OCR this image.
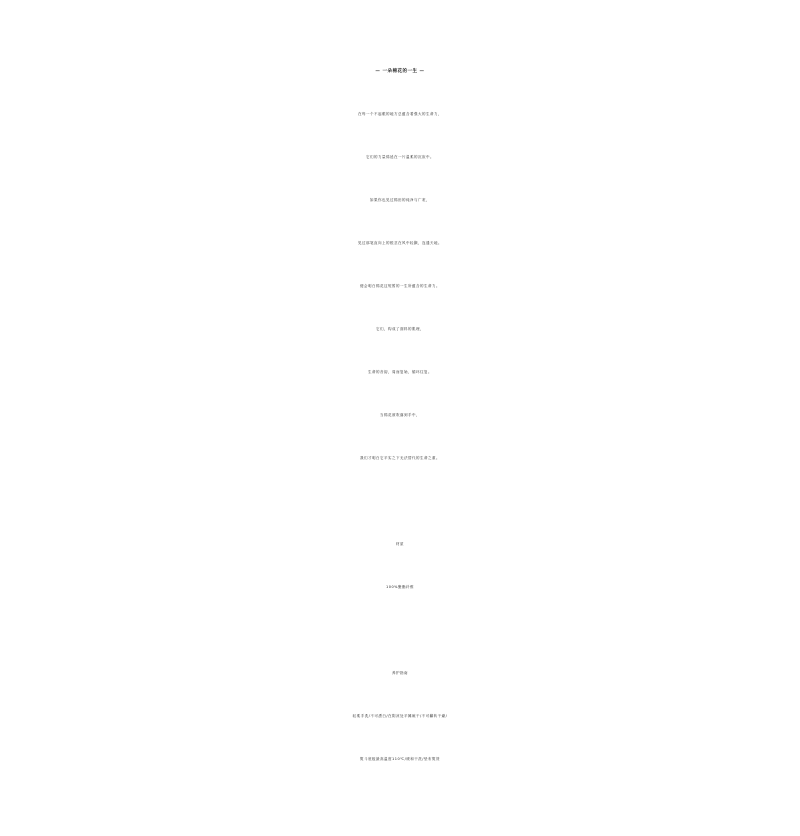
— 一朵棉花的一生 —
在每一个不起眼的地方总蕴含着强大的生命力，
它们的力量绵延在一片温柔的沉寂中。
如果你也见过棉田的纯净与广袤，
见过那笔直向上的根茎在风中轻颤，连通天地。
便会明白棉花这短暂的一生所蕴含的生命力。
它们，构成了面料的肌理，
生命的音韵，周而复始，循环往复。
当棉花被吹落到手中，
我们才明白它平实之下无法替代的生命之重。
材质
100%聚酯纤维
养护指南
轻柔手洗/不可漂白/在阴凉处平摊晾干/不可翻转干燥/
熨斗底板最高温度110℃/缓和干洗/垫布熨烫
